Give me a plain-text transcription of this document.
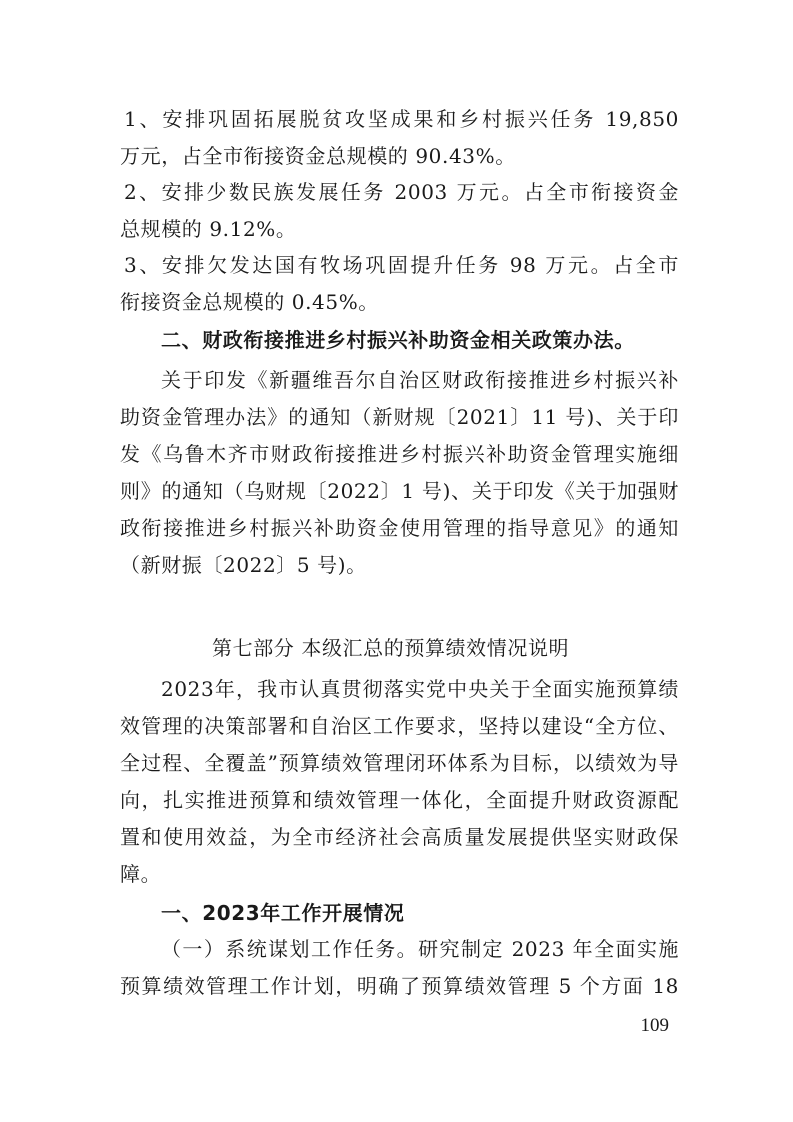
1、安排巩固拓展脱贫攻坚成果和乡村振兴任务 19,850
万元，占全市衔接资金总规模的 90.43%。
2、安排少数民族发展任务 2003 万元。占全市衔接资金
总规模的 9.12%。
3、安排欠发达国有牧场巩固提升任务 98 万元。占全市
衔接资金总规模的 0.45%。
二、财政衔接推进乡村振兴补助资金相关政策办法。
关于印发《新疆维吾尔自治区财政衔接推进乡村振兴补
助资金管理办法》的通知（新财规〔2021〕11 号)、关于印
发《乌鲁木齐市财政衔接推进乡村振兴补助资金管理实施细
则》的通知（乌财规〔2022〕1 号)、关于印发《关于加强财
政衔接推进乡村振兴补助资金使用管理的指导意见》的通知
（新财振〔2022〕5 号)。
第七部分 本级汇总的预算绩效情况说明
2023年，我市认真贯彻落实党中央关于全面实施预算绩
效管理的决策部署和自治区工作要求，坚持以建设“全方位、
全过程、全覆盖”预算绩效管理闭环体系为目标，以绩效为导
向，扎实推进预算和绩效管理一体化，全面提升财政资源配
置和使用效益，为全市经济社会高质量发展提供坚实财政保
障。
一、2023年工作开展情况
（一）系统谋划工作任务。研究制定 2023 年全面实施
预算绩效管理工作计划，明确了预算绩效管理 5 个方面 18
109
